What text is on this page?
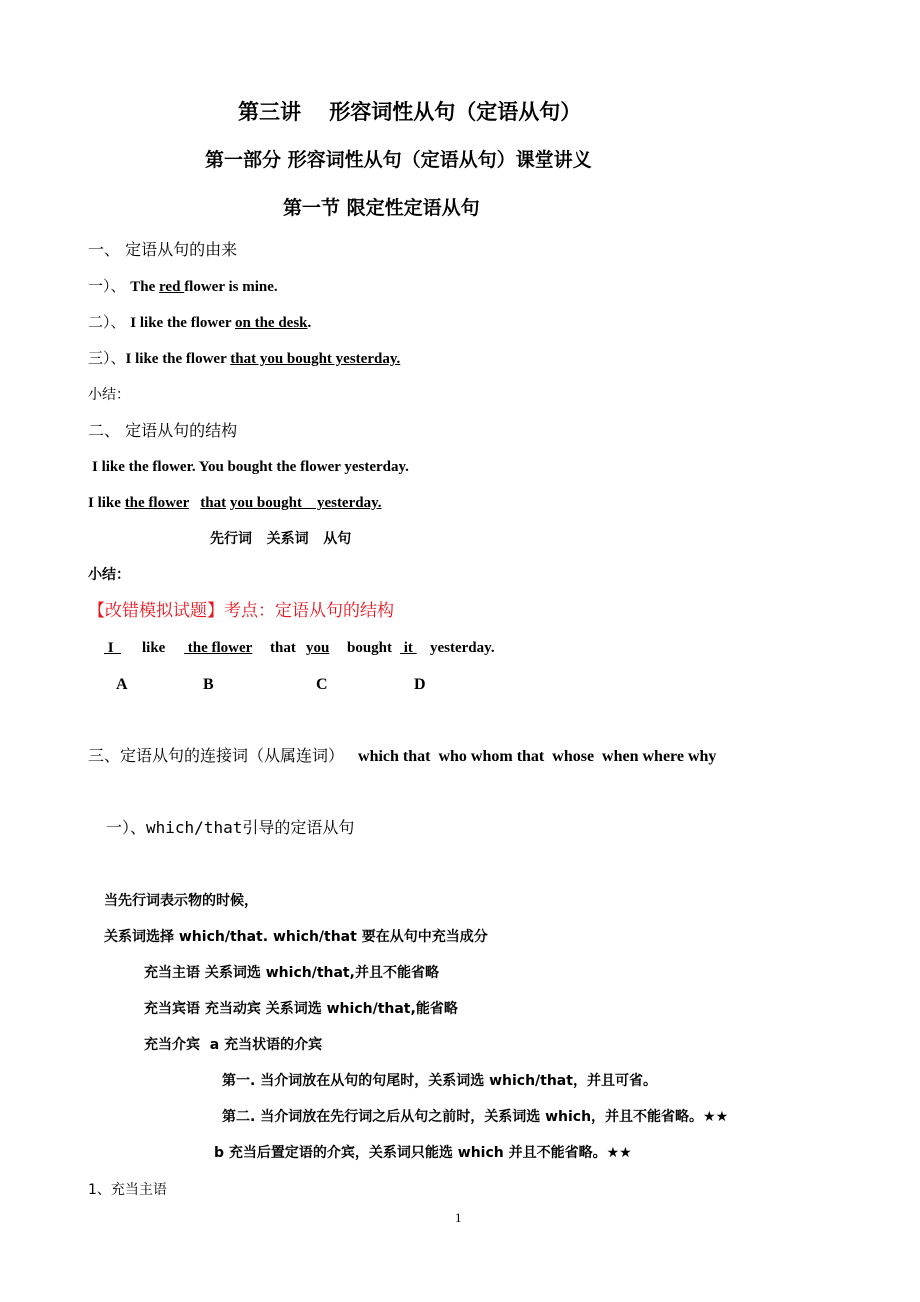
第三讲　 形容词性从句（定语从句）
第一部分 形容词性从句（定语从句）课堂讲义
第一节 限定性定语从句
一、 定语从句的由来
一）、 The red flower is mine.
二）、 I like the flower on the desk.
三）、I like the flower that you bought yesterday.
小结：
二、 定语从句的结构
I like the flower. You bought the flower yesterday.
I like the flower that you bought    yesterday.
先行词   关系词   从句
小结：
【改错模拟试题】考点：定语从句的结构
I like the flower that you bought it yesterday.
A	B	C	D
三、定语从句的连接词（从属连词） which that  who whom that  whose  when where why
一）、which/that引导的定语从句
当先行词表示物的时候，
关系词选择 which/that. which/that 要在从句中充当成分
充当主语 关系词选 which/that,并且不能省略
充当宾语 充当动宾 关系词选 which/that,能省略
充当介宾  a 充当状语的介宾
第一. 当介词放在从句的句尾时，关系词选 which/that，并且可省。
第二. 当介词放在先行词之后从句之前时，关系词选 which，并且不能省略。★★
b 充当后置定语的介宾，关系词只能选 which 并且不能省略。★★
1、充当主语
1
